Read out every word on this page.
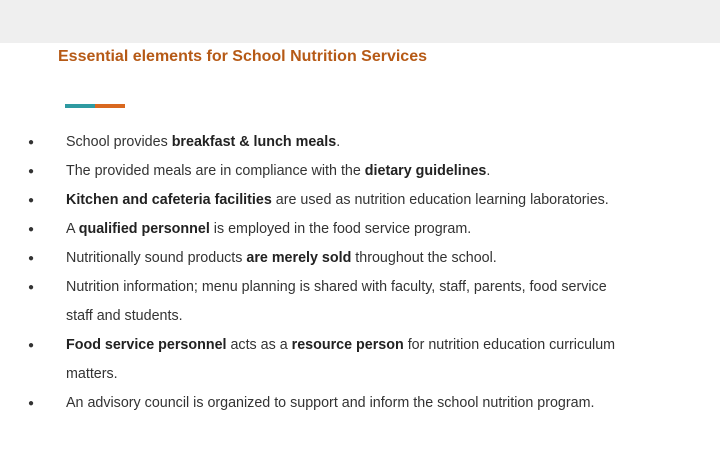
Essential elements for School Nutrition Services
● School provides breakfast & lunch meals.
● The provided meals are in compliance with the dietary guidelines.
● Kitchen and cafeteria facilities are used as nutrition education learning laboratories.
● A qualified personnel is employed in the food service program.
● Nutritionally sound products are merely sold throughout the school.
● Nutrition information; menu planning is shared with faculty, staff, parents, food service
staff and students.
● Food service personnel acts as a resource person for nutrition education curriculum
matters.
● An advisory council is organized to support and inform the school nutrition program.
